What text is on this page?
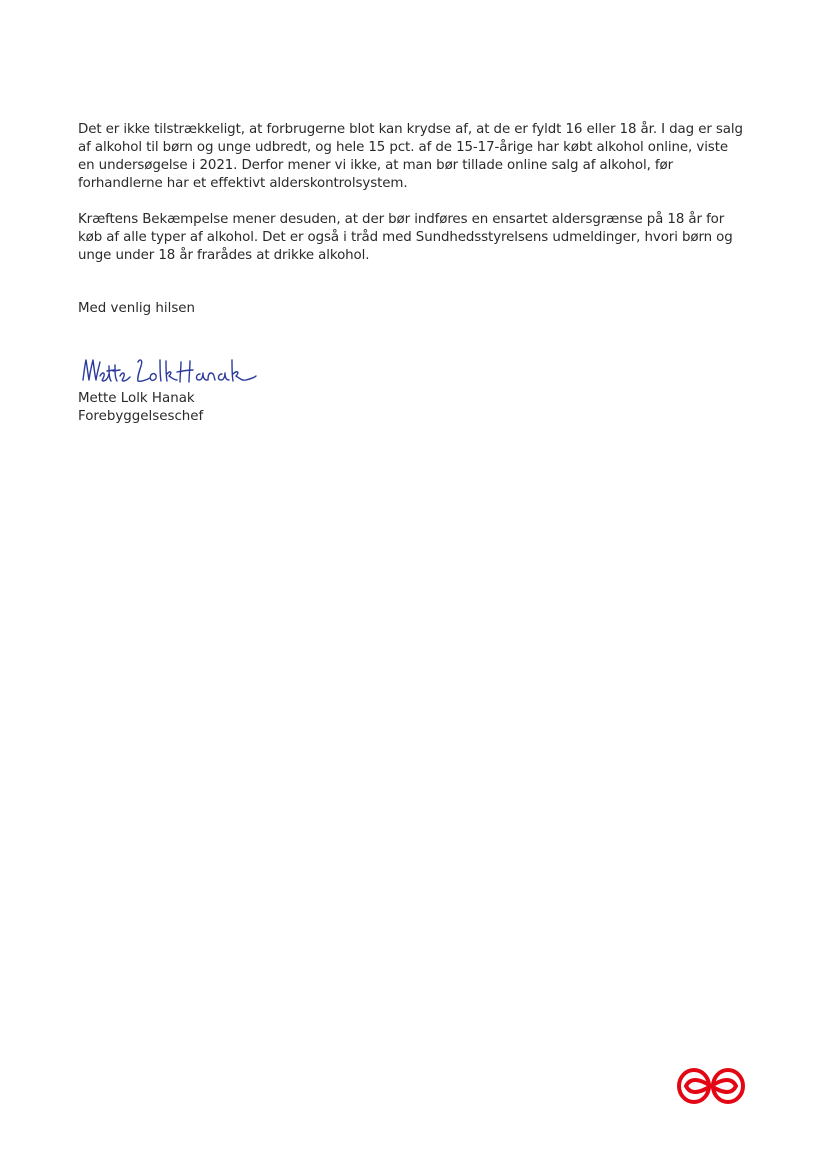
Det er ikke tilstrækkeligt, at forbrugerne blot kan krydse af, at de er fyldt 16 eller 18 år. I dag er salg af alkohol til børn og unge udbredt, og hele 15 pct. af de 15-17-årige har købt alkohol online, viste en undersøgelse i 2021. Derfor mener vi ikke, at man bør tillade online salg af alkohol, før forhandlerne har et effektivt alderskontrolsystem.

Kræftens Bekæmpelse mener desuden, at der bør indføres en ensartet aldersgrænse på 18 år for køb af alle typer af alkohol. Det er også i tråd med Sundhedsstyrelsens udmeldinger, hvori børn og unge under 18 år frarådes at drikke alkohol.

Med venlig hilsen

Mette Lolk Hanak
Forebyggelseschef
